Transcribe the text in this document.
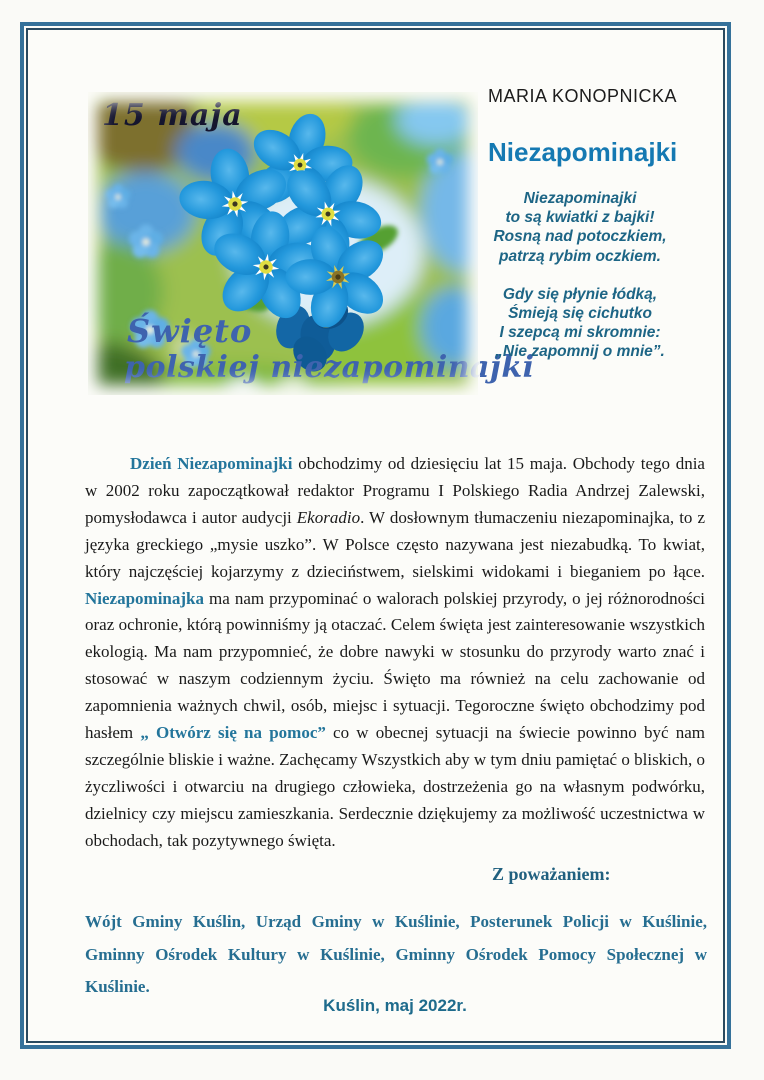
15 maja
Święto
polskiej niezapominajki
MARIA KONOPNICKA
Niezapominajki
Niezapominajki
to są kwiatki z bajki!
Rosną nad potoczkiem,
patrzą rybim oczkiem.
Gdy się płynie łódką,
Śmieją się cichutko
I szepcą mi skromnie:
„Nie zapomnij o mnie”.

Dzień Niezapominajki obchodzimy od dziesięciu lat 15 maja. Obchody tego dnia w 2002 roku zapoczątkował redaktor Programu I Polskiego Radia Andrzej Zalewski, pomysłodawca i autor audycji Ekoradio. W dosłownym tłumaczeniu niezapominajka, to z języka greckiego „mysie uszko”. W Polsce często nazywana jest niezabudką. To kwiat, który najczęściej kojarzymy z dzieciństwem, sielskimi widokami i bieganiem po łące. Niezapominajka ma nam przypominać o walorach polskiej przyrody, o jej różnorodności oraz ochronie, którą powinniśmy ją otaczać. Celem święta jest zainteresowanie wszystkich ekologią. Ma nam przypomnieć, że dobre nawyki w stosunku do przyrody warto znać i stosować w naszym codziennym życiu. Święto ma również na celu zachowanie od zapomnienia ważnych chwil, osób, miejsc i sytuacji. Tegoroczne święto obchodzimy pod hasłem „ Otwórz się na pomoc” co w obecnej sytuacji na świecie powinno być nam szczególnie bliskie i ważne. Zachęcamy Wszystkich aby w tym dniu pamiętać o bliskich, o życzliwości i otwarciu na drugiego człowieka, dostrzeżenia go na własnym podwórku, dzielnicy czy miejscu zamieszkania. Serdecznie dziękujemy za możliwość uczestnictwa w obchodach, tak pozytywnego święta.

Z poważaniem:
Wójt Gminy Kuślin, Urząd Gminy w Kuślinie, Posterunek Policji w Kuślinie, Gminny Ośrodek Kultury w Kuślinie, Gminny Ośrodek Pomocy Społecznej w Kuślinie.
Kuślin, maj 2022r.
